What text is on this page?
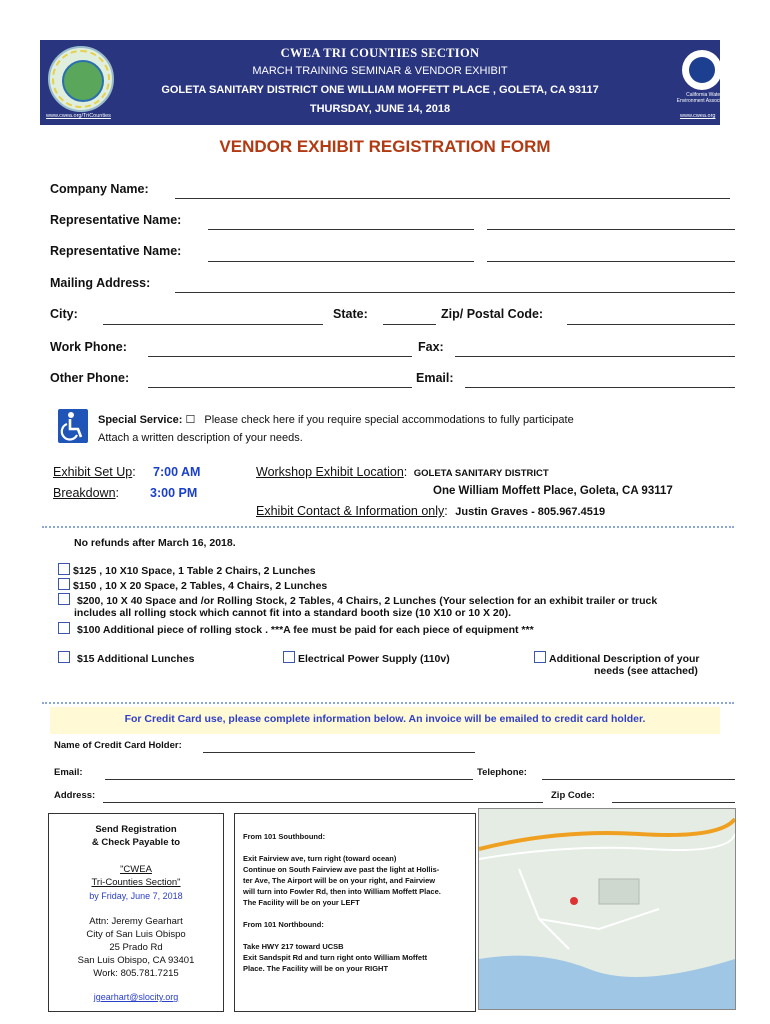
www.cwea.org/TriCounties
CWEA TRI COUNTIES SECTION
MARCH TRAINING SEMINAR & VENDOR EXHIBIT
GOLETA SANITARY DISTRICT ONE WILLIAM MOFFETT PLACE , GOLETA, CA 93117
THURSDAY, JUNE 14, 2018
California Water Environment Association
www.cwea.org
VENDOR EXHIBIT REGISTRATION FORM
Company Name:
Representative Name:
Representative Name:
Mailing Address:
City:	State:	Zip/ Postal Code:
Work Phone:	Fax:
Other Phone:	Email:
Special Service: ☐ Please check here if you require special accommodations to fully participate
Attach a written description of your needs.
Exhibit Set Up: 7:00 AM
Breakdown: 3:00 PM
Workshop Exhibit Location: GOLETA SANITARY DISTRICT
One William Moffett Place, Goleta, CA 93117
Exhibit Contact & Information only: Justin Graves - 805.967.4519
No refunds after March 16, 2018.
$125 , 10 X10 Space, 1 Table 2 Chairs, 2 Lunches
$150 , 10 X 20 Space, 2 Tables, 4 Chairs, 2 Lunches
$200, 10 X 40 Space and /or Rolling Stock, 2 Tables, 4 Chairs, 2 Lunches (Your selection for an exhibit trailer or truck
includes all rolling stock which cannot fit into a standard booth size (10 X10 or 10 X 20).
$100 Additional piece of rolling stock . ***A fee must be paid for each piece of equipment ***
$15 Additional Lunches	Electrical Power Supply (110v)	Additional Description of your
needs (see attached)
For Credit Card use, please complete information below. An invoice will be emailed to credit card holder.
Name of Credit Card Holder:
Email:	Telephone:
Address:	Zip Code:
Send Registration
& Check Payable to
"CWEA
Tri-Counties Section"
by Friday, June 7, 2018
Attn: Jeremy Gearhart
City of San Luis Obispo
25 Prado Rd
San Luis Obispo, CA 93401
Work: 805.781.7215
jgearhart@slocity.org
From 101 Southbound:
Exit Fairview ave, turn right (toward ocean)
Continue on South Fairview ave past the light at Hollis-
ter Ave, The Airport will be on your right, and Fairview
will turn into Fowler Rd, then into William Moffett Place.
The Facility will be on your LEFT
From 101 Northbound:
Take HWY 217 toward UCSB
Exit Sandspit Rd and turn right onto William Moffett
Place. The Facility will be on your RIGHT
